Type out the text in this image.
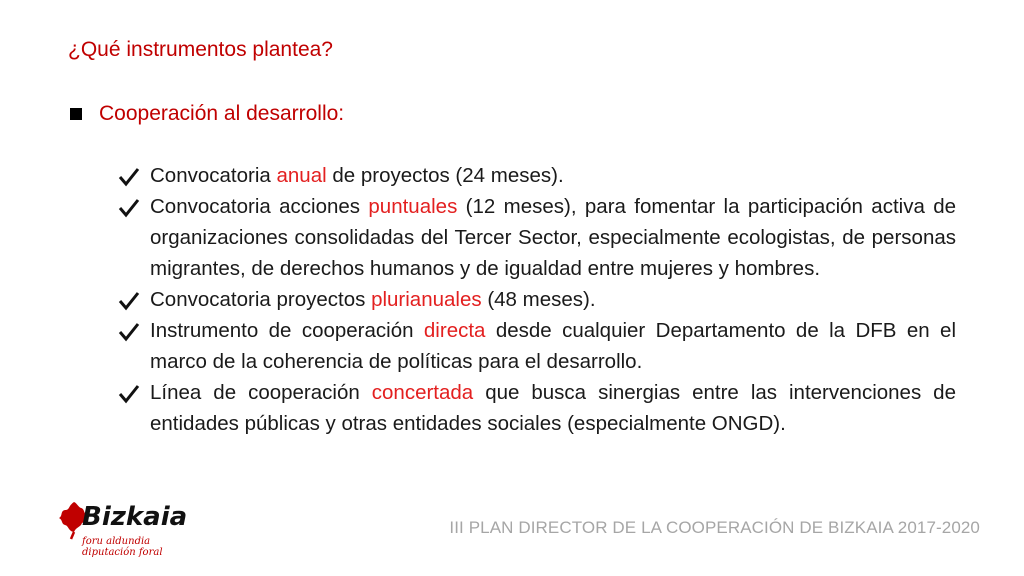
¿Qué instrumentos plantea?
Cooperación al desarrollo:
Convocatoria anual de proyectos (24 meses).
Convocatoria acciones puntuales (12 meses), para fomentar la participación activa de organizaciones consolidadas del Tercer Sector, especialmente ecologistas, de personas migrantes, de derechos humanos y de igualdad entre mujeres y hombres.
Convocatoria proyectos plurianuales (48 meses).
Instrumento de cooperación directa desde cualquier Departamento de la DFB en el marco de la coherencia de políticas para el desarrollo.
Línea de cooperación concertada que busca sinergias entre las intervenciones de entidades públicas y otras entidades sociales (especialmente ONGD).
Bizkaia
foru aldundia
diputación foral
III PLAN DIRECTOR DE LA COOPERACIÓN DE BIZKAIA 2017-2020
